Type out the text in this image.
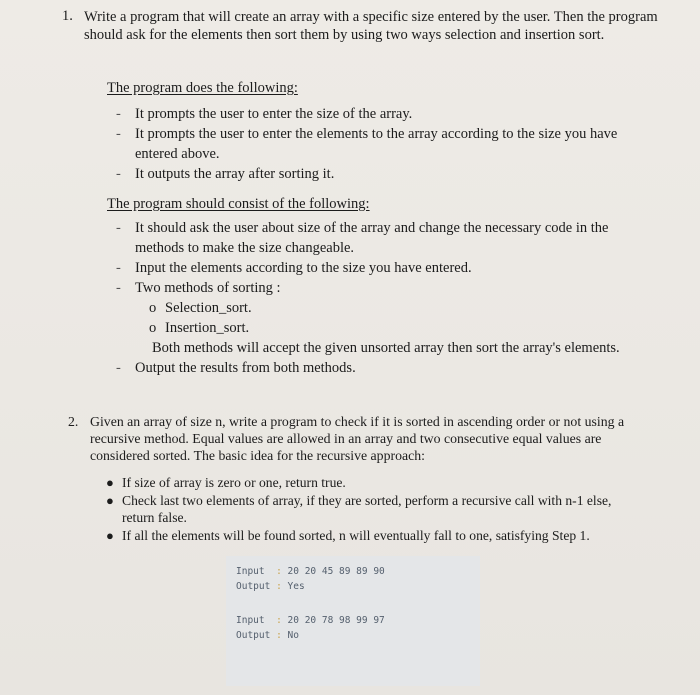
1. Write a program that will create an array with a specific size entered by the user. Then the program should ask for the elements then sort them by using two ways selection and insertion sort.
The program does the following:
- It prompts the user to enter the size of the array.
- It prompts the user to enter the elements to the array according to the size you have entered above.
- It outputs the array after sorting it.
The program should consist of the following:
- It should ask the user about size of the array and change the necessary code in the methods to make the size changeable.
- Input the elements according to the size you have entered.
- Two methods of sorting :
o Selection_sort.
o Insertion_sort.
Both methods will accept the given unsorted array then sort the array's elements.
- Output the results from both methods.
2. Given an array of size n, write a program to check if it is sorted in ascending order or not using a recursive method. Equal values are allowed in an array and two consecutive equal values are considered sorted. The basic idea for the recursive approach:
● If size of array is zero or one, return true.
● Check last two elements of array, if they are sorted, perform a recursive call with n-1 else, return false.
● If all the elements will be found sorted, n will eventually fall to one, satisfying Step 1.
Input : 20 20 45 89 89 90
Output : Yes
Input : 20 20 78 98 99 97
Output : No
